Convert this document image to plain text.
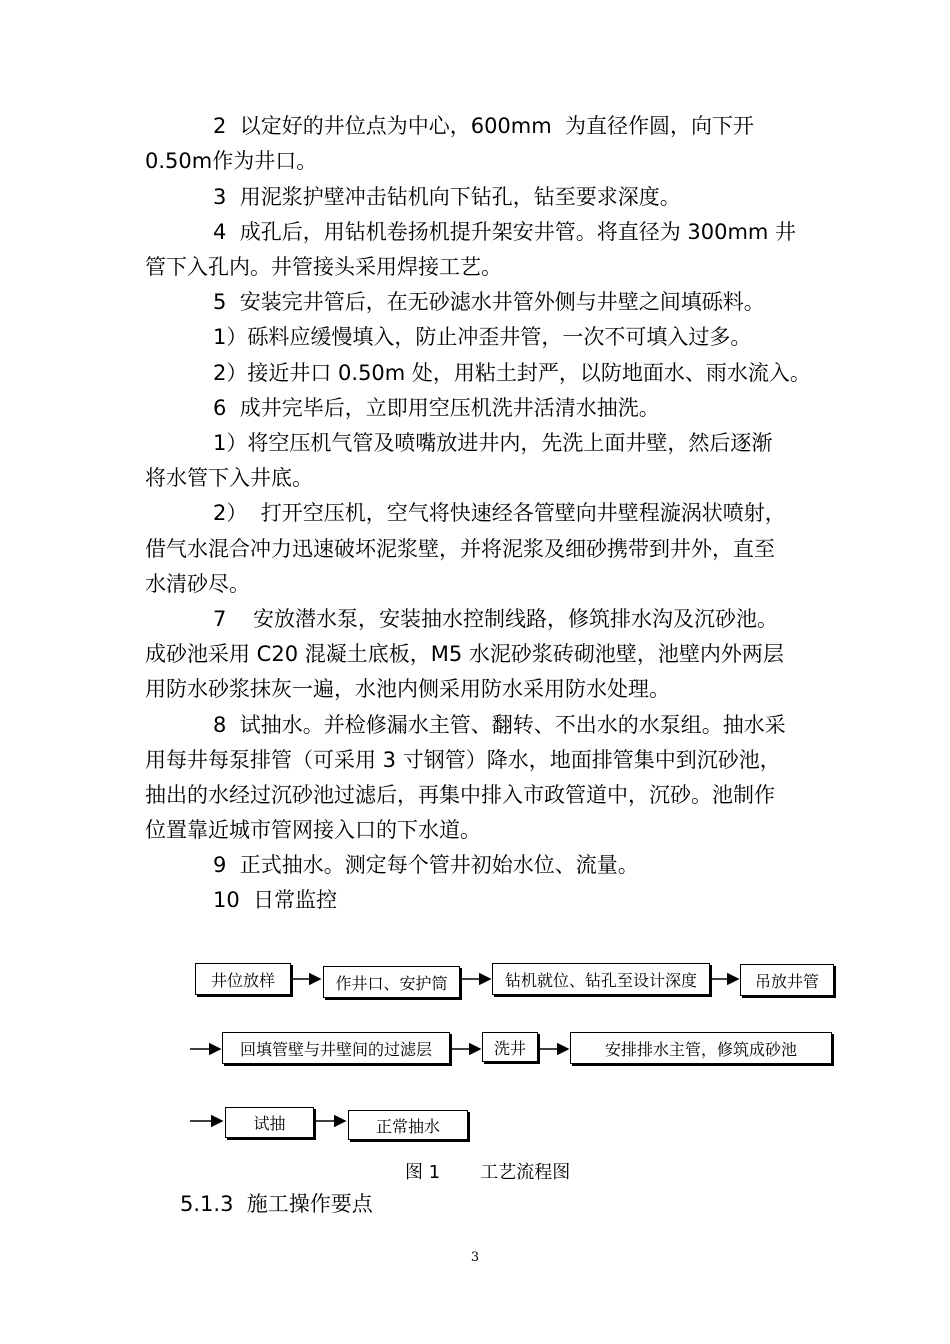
2  以定好的井位点为中心，600mm  为直径作圆，向下开

0.50m作为井口。

3  用泥浆护壁冲击钻机向下钻孔，钻至要求深度。

4  成孔后，用钻机卷扬机提升架安井管。将直径为 300mm 井

管下入孔内。井管接头采用焊接工艺。

5  安装完井管后，在无砂滤水井管外侧与井壁之间填砾料。

1）砾料应缓慢填入，防止冲歪井管，一次不可填入过多。

2）接近井口 0.50m 处，用粘土封严，以防地面水、雨水流入。

6  成井完毕后，立即用空压机洗井活清水抽洗。

1）将空压机气管及喷嘴放进井内，先洗上面井壁，然后逐渐

将水管下入井底。

2）  打开空压机，空气将快速经各管壁向井壁程漩涡状喷射，

借气水混合冲力迅速破坏泥浆壁，并将泥浆及细砂携带到井外，直至

水清砂尽。

7    安放潜水泵，安装抽水控制线路，修筑排水沟及沉砂池。

成砂池采用 C20 混凝土底板，M5 水泥砂浆砖砌池壁，池壁内外两层

用防水砂浆抹灰一遍，水池内侧采用防水采用防水处理。

8  试抽水。并检修漏水主管、翻转、不出水的水泵组。抽水采

用每井每泵排管（可采用 3 寸钢管）降水，地面排管集中到沉砂池，

抽出的水经过沉砂池过滤后，再集中排入市政管道中，沉砂。池制作

位置靠近城市管网接入口的下水道。

9  正式抽水。测定每个管井初始水位、流量。

10  日常监控

井位放样	作井口、安护筒	钻机就位、钻孔至设计深度	吊放井管
回填管壁与井壁间的过滤层	洗井	安排排水主管，修筑成砂池
试抽	正常抽水
图 1       工艺流程图
5.1.3  施工操作要点
3
